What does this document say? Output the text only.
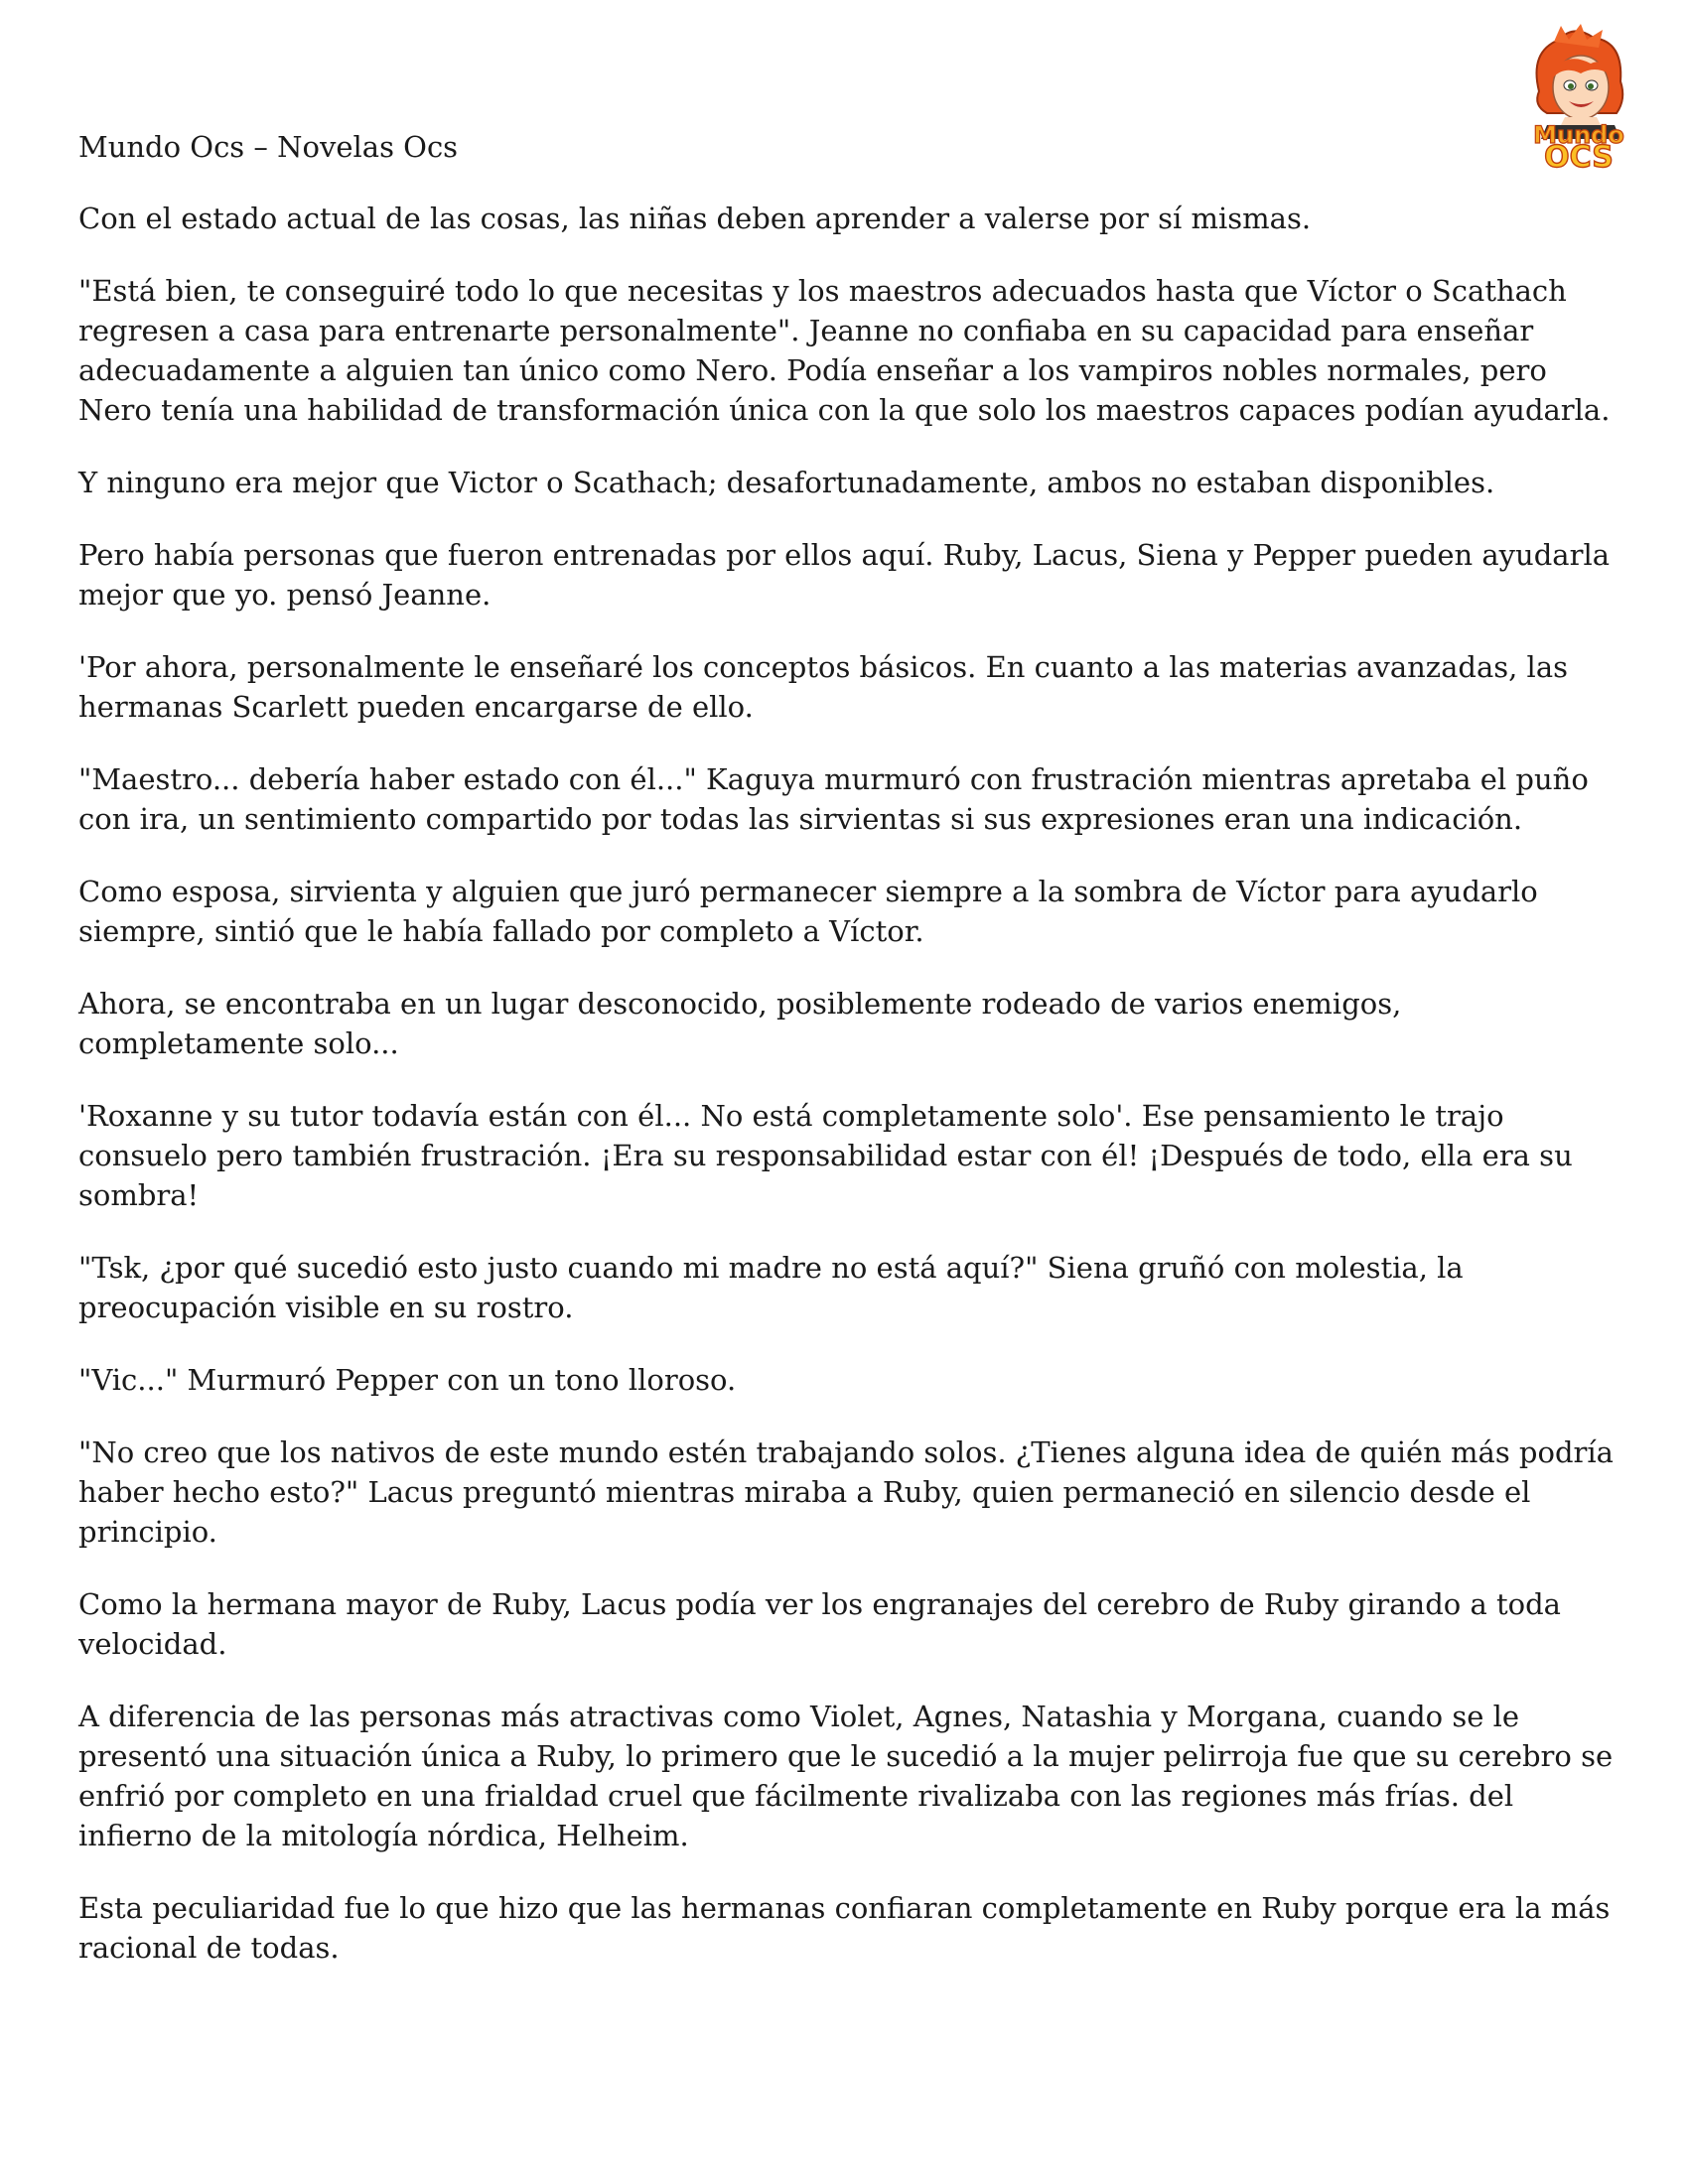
Mundo
OCS
Mundo Ocs – Novelas Ocs

Con el estado actual de las cosas, las niñas deben aprender a valerse por sí mismas.

"Está bien, te conseguiré todo lo que necesitas y los maestros adecuados hasta que Víctor o Scathach regresen a casa para entrenarte personalmente". Jeanne no confiaba en su capacidad para enseñar adecuadamente a alguien tan único como Nero. Podía enseñar a los vampiros nobles normales, pero Nero tenía una habilidad de transformación única con la que solo los maestros capaces podían ayudarla.

Y ninguno era mejor que Victor o Scathach; desafortunadamente, ambos no estaban disponibles.

Pero había personas que fueron entrenadas por ellos aquí. Ruby, Lacus, Siena y Pepper pueden ayudarla mejor que yo. pensó Jeanne.

'Por ahora, personalmente le enseñaré los conceptos básicos. En cuanto a las materias avanzadas, las hermanas Scarlett pueden encargarse de ello.

"Maestro... debería haber estado con él..." Kaguya murmuró con frustración mientras apretaba el puño con ira, un sentimiento compartido por todas las sirvientas si sus expresiones eran una indicación.

Como esposa, sirvienta y alguien que juró permanecer siempre a la sombra de Víctor para ayudarlo siempre, sintió que le había fallado por completo a Víctor.

Ahora, se encontraba en un lugar desconocido, posiblemente rodeado de varios enemigos, completamente solo...

'Roxanne y su tutor todavía están con él... No está completamente solo'. Ese pensamiento le trajo consuelo pero también frustración. ¡Era su responsabilidad estar con él! ¡Después de todo, ella era su sombra!

"Tsk, ¿por qué sucedió esto justo cuando mi madre no está aquí?" Siena gruñó con molestia, la preocupación visible en su rostro.

"Vic..." Murmuró Pepper con un tono lloroso.

"No creo que los nativos de este mundo estén trabajando solos. ¿Tienes alguna idea de quién más podría haber hecho esto?" Lacus preguntó mientras miraba a Ruby, quien permaneció en silencio desde el principio.

Como la hermana mayor de Ruby, Lacus podía ver los engranajes del cerebro de Ruby girando a toda velocidad.

A diferencia de las personas más atractivas como Violet, Agnes, Natashia y Morgana, cuando se le presentó una situación única a Ruby, lo primero que le sucedió a la mujer pelirroja fue que su cerebro se enfrió por completo en una frialdad cruel que fácilmente rivalizaba con las regiones más frías. del infierno de la mitología nórdica, Helheim.

Esta peculiaridad fue lo que hizo que las hermanas confiaran completamente en Ruby porque era la más racional de todas.
